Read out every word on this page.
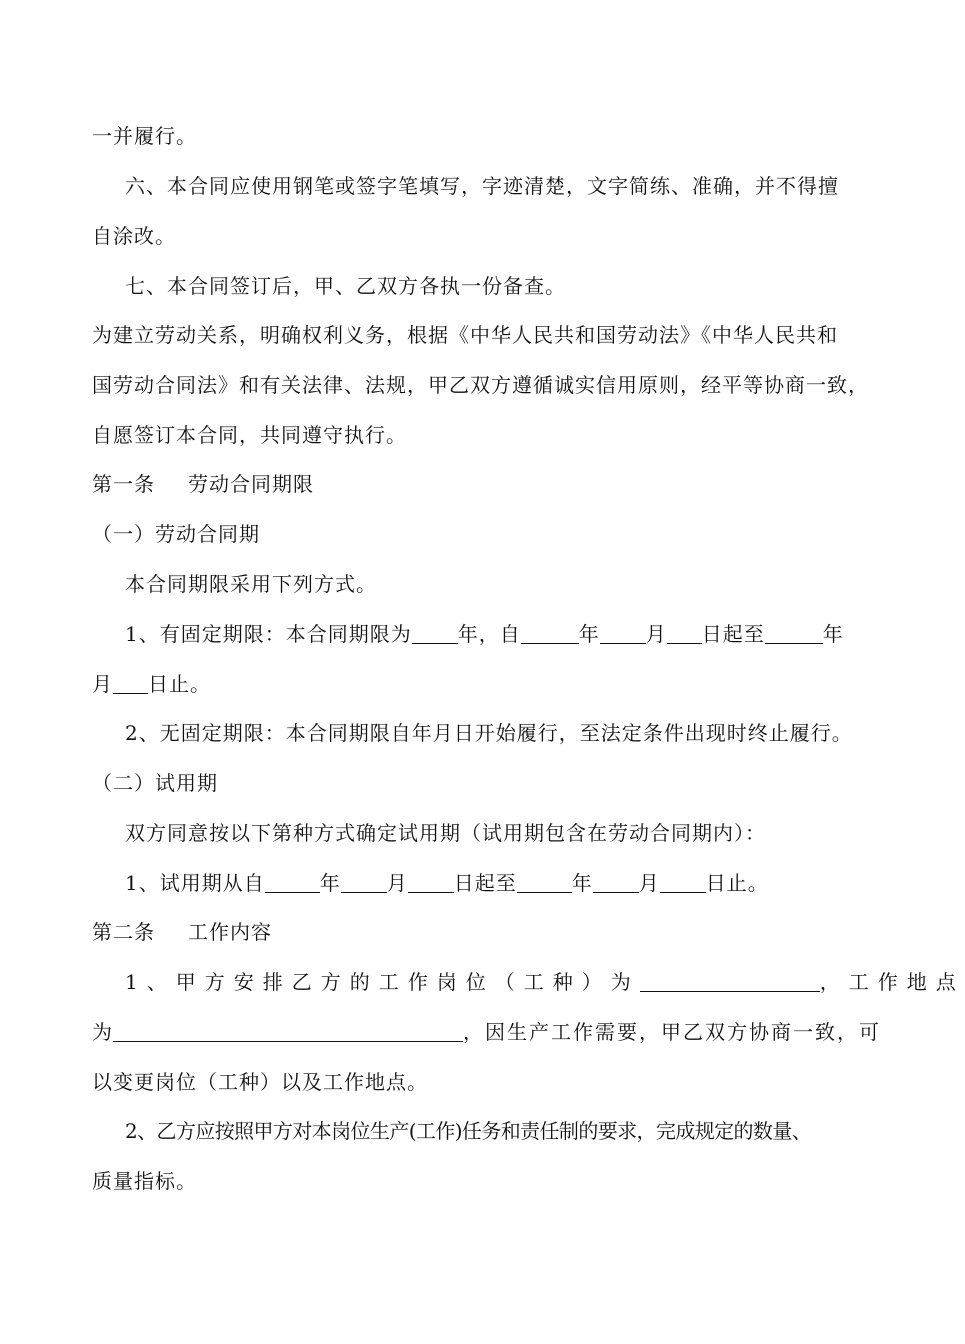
一并履行。
六、本合同应使用钢笔或签字笔填写，字迹清楚，文字简练、准确，并不得擅
自涂改。
七、本合同签订后，甲、乙双方各执一份备查。
为建立劳动关系，明确权利义务，根据《中华人民共和国劳动法》《中华人民共和
国劳动合同法》和有关法律、法规，甲乙双方遵循诚实信用原则，经平等协商一致，
自愿签订本合同，共同遵守执行。
第一条 劳动合同期限
（一）劳动合同期
本合同期限采用下列方式。
1、有固定期限：本合同期限为 年，自	年 月 日起至	年
月 日止。
2、无固定期限：本合同期限自年月日开始履行，至法定条件出现时终止履行。
（二）试用期
双方同意按以下第种方式确定试用期（试用期包含在劳动合同期内）：
1、试用期从自	年 月 日起至	年 月 日止。
第二条 工作内容
1、甲方安排乙方的工作岗位（工种）为	，工作地点
为	，因生产工作需要，甲乙双方协商一致，可
以变更岗位（工种）以及工作地点。
2、乙方应按照甲方对本岗位生产(工作)任务和责任制的要求，完成规定的数量、
质量指标。
